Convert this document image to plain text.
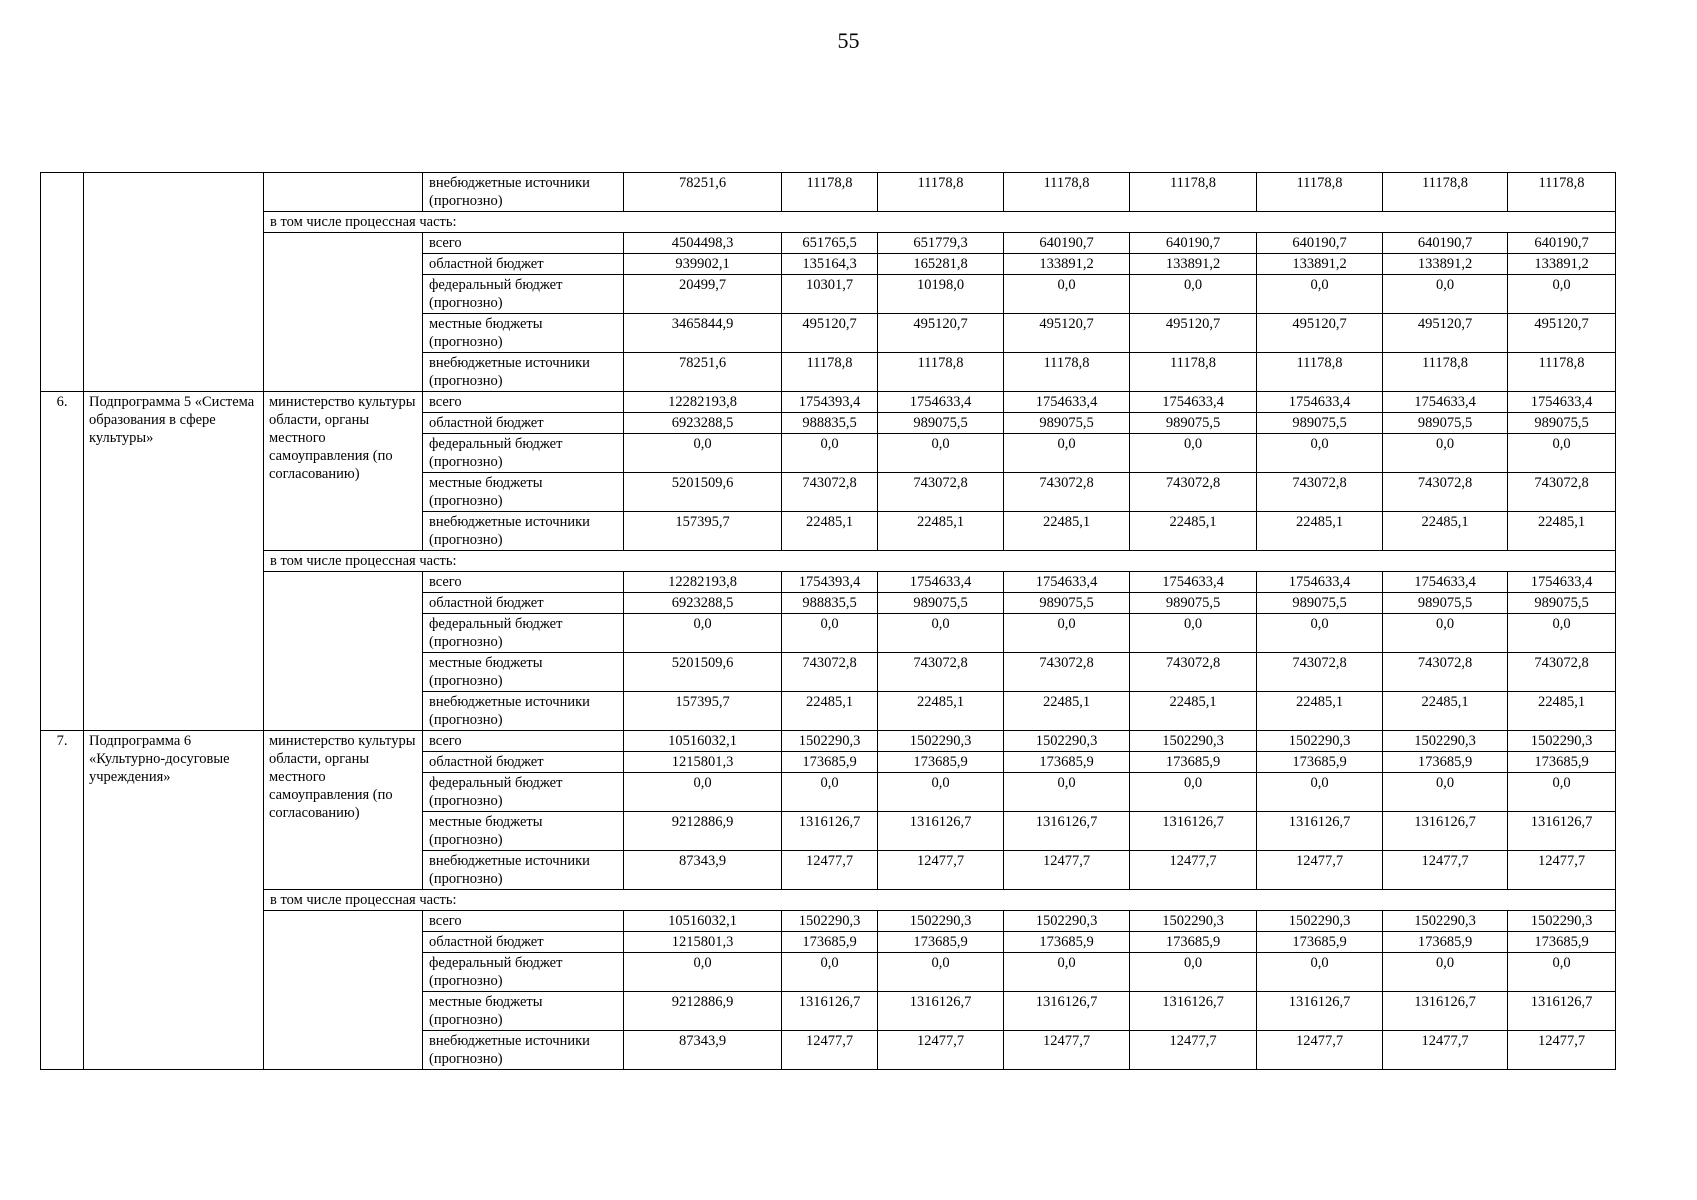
55
			внебюджетные источники (прогнозно)	78251,6	11178,8	11178,8	11178,8	11178,8	11178,8	11178,8	11178,8
		в том числе процессная часть:									
			всего	4504498,3	651765,5	651779,3	640190,7	640190,7	640190,7	640190,7	640190,7
			областной бюджет	939902,1	135164,3	165281,8	133891,2	133891,2	133891,2	133891,2	133891,2
			федеральный бюджет (прогнозно)	20499,7	10301,7	10198,0	0,0	0,0	0,0	0,0	0,0
			местные бюджеты (прогнозно)	3465844,9	495120,7	495120,7	495120,7	495120,7	495120,7	495120,7	495120,7
			внебюджетные источники (прогнозно)	78251,6	11178,8	11178,8	11178,8	11178,8	11178,8	11178,8	11178,8
6.	Подпрограмма 5 «Система образования в сфере культуры»	министерство культуры области, органы местного самоуправления (по согласованию)	всего	12282193,8	1754393,4	1754633,4	1754633,4	1754633,4	1754633,4	1754633,4	1754633,4
			областной бюджет	6923288,5	988835,5	989075,5	989075,5	989075,5	989075,5	989075,5	989075,5
			федеральный бюджет (прогнозно)	0,0	0,0	0,0	0,0	0,0	0,0	0,0	0,0
			местные бюджеты (прогнозно)	5201509,6	743072,8	743072,8	743072,8	743072,8	743072,8	743072,8	743072,8
			внебюджетные источники (прогнозно)	157395,7	22485,1	22485,1	22485,1	22485,1	22485,1	22485,1	22485,1
		в том числе процессная часть:									
			всего	12282193,8	1754393,4	1754633,4	1754633,4	1754633,4	1754633,4	1754633,4	1754633,4
			областной бюджет	6923288,5	988835,5	989075,5	989075,5	989075,5	989075,5	989075,5	989075,5
			федеральный бюджет (прогнозно)	0,0	0,0	0,0	0,0	0,0	0,0	0,0	0,0
			местные бюджеты (прогнозно)	5201509,6	743072,8	743072,8	743072,8	743072,8	743072,8	743072,8	743072,8
			внебюджетные источники (прогнозно)	157395,7	22485,1	22485,1	22485,1	22485,1	22485,1	22485,1	22485,1
7.	Подпрограмма 6 «Культурно-досуговые учреждения»	министерство культуры области, органы местного самоуправления (по согласованию)	всего	10516032,1	1502290,3	1502290,3	1502290,3	1502290,3	1502290,3	1502290,3	1502290,3
			областной бюджет	1215801,3	173685,9	173685,9	173685,9	173685,9	173685,9	173685,9	173685,9
			федеральный бюджет (прогнозно)	0,0	0,0	0,0	0,0	0,0	0,0	0,0	0,0
			местные бюджеты (прогнозно)	9212886,9	1316126,7	1316126,7	1316126,7	1316126,7	1316126,7	1316126,7	1316126,7
			внебюджетные источники (прогнозно)	87343,9	12477,7	12477,7	12477,7	12477,7	12477,7	12477,7	12477,7
		в том числе процессная часть:									
			всего	10516032,1	1502290,3	1502290,3	1502290,3	1502290,3	1502290,3	1502290,3	1502290,3
			областной бюджет	1215801,3	173685,9	173685,9	173685,9	173685,9	173685,9	173685,9	173685,9
			федеральный бюджет (прогнозно)	0,0	0,0	0,0	0,0	0,0	0,0	0,0	0,0
			местные бюджеты (прогнозно)	9212886,9	1316126,7	1316126,7	1316126,7	1316126,7	1316126,7	1316126,7	1316126,7
			внебюджетные источники (прогнозно)	87343,9	12477,7	12477,7	12477,7	12477,7	12477,7	12477,7	12477,7
